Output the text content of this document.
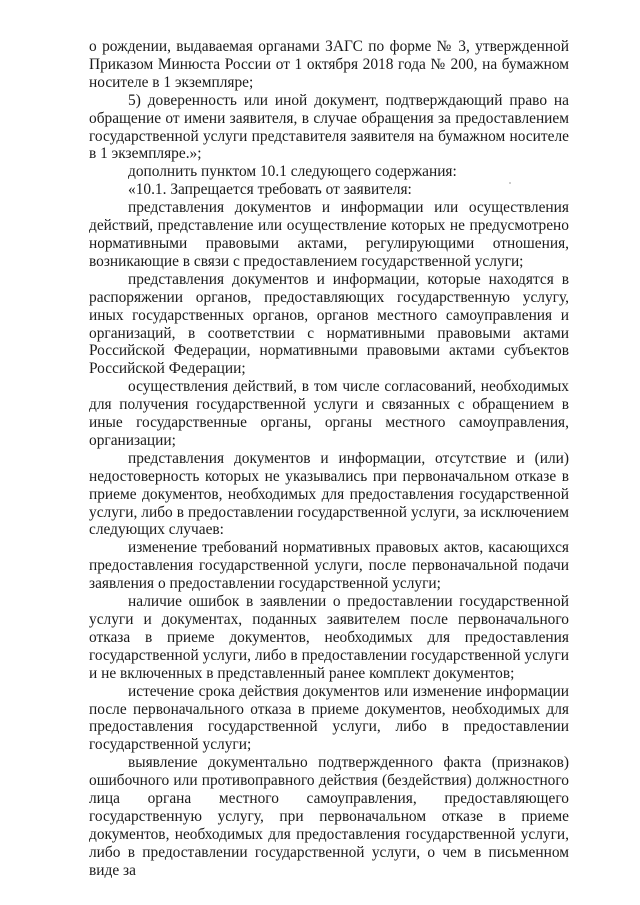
о рождении, выдаваемая органами ЗАГС по форме № 3, утвержденной Приказом Минюста России от 1 октября 2018 года № 200, на бумажном носителе в 1 экземпляре;

5) доверенность или иной документ, подтверждающий право на обращение от имени заявителя, в случае обращения за предоставлением государственной услуги представителя заявителя на бумажном носителе в 1 экземпляре.»;

дополнить пунктом 10.1 следующего содержания:

«10.1. Запрещается требовать от заявителя:

представления документов и информации или осуществления действий, представление или осуществление которых не предусмотрено нормативными правовыми актами, регулирующими отношения, возникающие в связи с предоставлением государственной услуги;

представления документов и информации, которые находятся в распоряжении органов, предоставляющих государственную услугу, иных государственных органов, органов местного самоуправления и организаций, в соответствии с нормативными правовыми актами Российской Федерации, нормативными правовыми актами субъектов Российской Федерации;

осуществления действий, в том числе согласований, необходимых для получения государственной услуги и связанных с обращением в иные государственные органы, органы местного самоуправления, организации;

представления документов и информации, отсутствие и (или) недостоверность которых не указывались при первоначальном отказе в приеме документов, необходимых для предоставления государственной услуги, либо в предоставлении государственной услуги, за исключением следующих случаев:

изменение требований нормативных правовых актов, касающихся предоставления государственной услуги, после первоначальной подачи заявления о предоставлении государственной услуги;

наличие ошибок в заявлении о предоставлении государственной услуги и документах, поданных заявителем после первоначального отказа в приеме документов, необходимых для предоставления государственной услуги, либо в предоставлении государственной услуги и не включенных в представленный ранее комплект документов;

истечение срока действия документов или изменение информации после первоначального отказа в приеме документов, необходимых для предоставления государственной услуги, либо в предоставлении государственной услуги;

выявление документально подтвержденного факта (признаков) ошибочного или противоправного действия (бездействия) должностного лица органа местного самоуправления, предоставляющего государственную услугу, при первоначальном отказе в приеме документов, необходимых для предоставления государственной услуги, либо в предоставлении государственной услуги, о чем в письменном виде за
